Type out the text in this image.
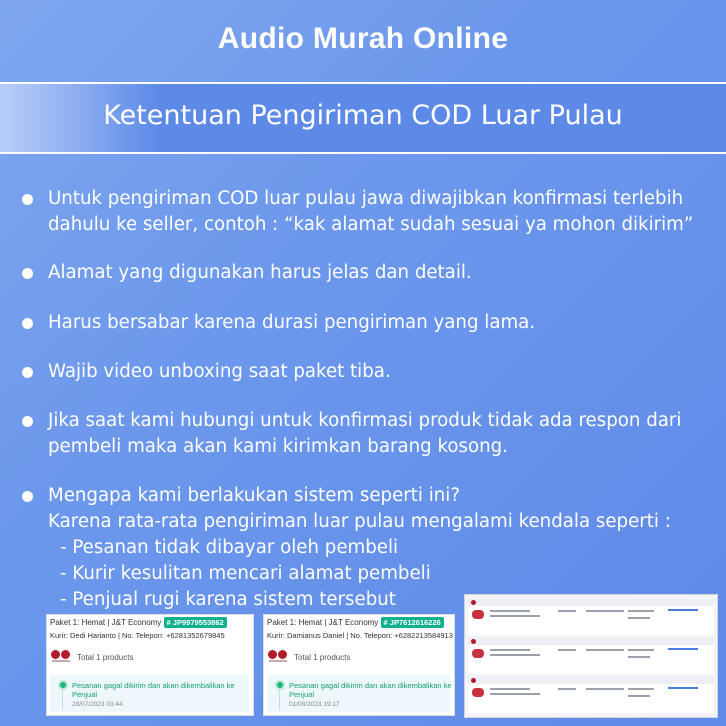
Audio Murah Online
Ketentuan Pengiriman COD Luar Pulau
Untuk pengiriman COD luar pulau jawa diwajibkan konfirmasi terlebih
dahulu ke seller, contoh : “kak alamat sudah sesuai ya mohon dikirim”
Alamat yang digunakan harus jelas dan detail.
Harus bersabar karena durasi pengiriman yang lama.
Wajib video unboxing saat paket tiba.
Jika saat kami hubungi untuk konfirmasi produk tidak ada respon dari
pembeli maka akan kami kirimkan barang kosong.
Mengapa kami berlakukan sistem seperti ini?
Karena rata-rata pengiriman luar pulau mengalami kendala seperti :
- Pesanan tidak dibayar oleh pembeli
- Kurir kesulitan mencari alamat pembeli
- Penjual rugi karena sistem tersebut
Paket 1: Hemat | J&T Economy # JP9979553862
Kurir: Dedi Harianto | No. Telepon: +6281352679845
Total 1 products
Pesanan gagal dikirim dan akan dikembalikan ke Penjual
28/07/2023 03:44
Paket 1: Hemat | J&T Economy # JP7612616226
Kurir: Damianus Daniel | No. Telepon: +6282213584913
Total 1 products
Pesanan gagal dikirim dan akan dikembalikan ke Penjual
01/08/2023 19:17
